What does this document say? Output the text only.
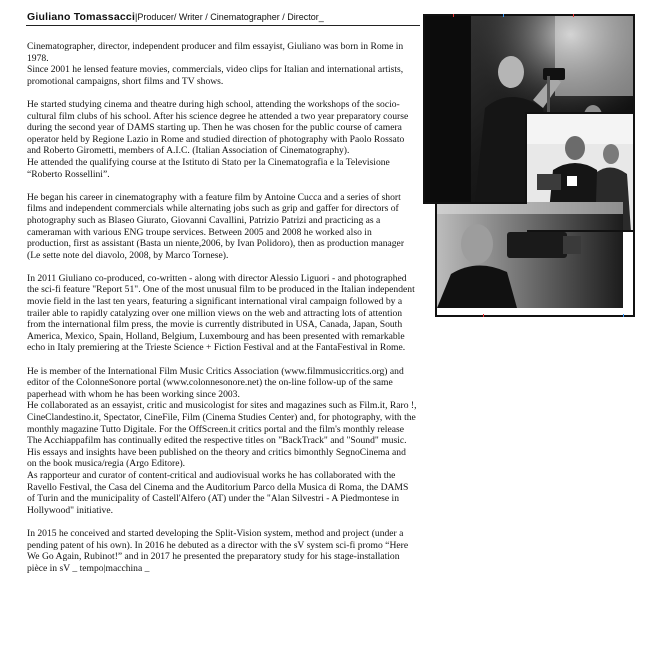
Giuliano Tomassacci |Producer/ Writer / Cinematographer / Director_

Cinematographer, director, independent producer and film essayist, Giuliano was born in Rome in 1978.
Since 2001 he lensed feature movies, commercials, video clips for Italian and international artists, promotional campaigns, short films and TV shows.

He started studying cinema and theatre during high school, attending the workshops of the socio-cultural film clubs of his school. After his science degree he attended a two year preparatory course during the second year of DAMS starting up. Then he was chosen for the public course of camera operator held by Regione Lazio in Rome and studied direction of photography with Paolo Rossato and Roberto Girometti, members of A.I.C. (Italian Association of Cinematography).
He attended the qualifying course at the Istituto di Stato per la Cinematografia e la Televisione “Roberto Rossellini”.

He began his career in cinematography with a feature film by Antoine Cucca and a series of short films and independent commercials while alternating jobs such as grip and gaffer for directors of photography such as Blaseo Giurato, Giovanni Cavallini, Patrizio Patrizi and practicing as a cameraman with various ENG troupe services. Between 2005 and 2008 he worked also in production, first as assistant (Basta un niente,2006, by Ivan Polidoro), then as production manager (Le sette note del diavolo, 2008, by Marco Tornese).

In 2011 Giuliano co-produced, co-written - along with director Alessio Liguori - and photographed the sci-fi feature "Report 51". One of the most unusual film to be produced in the Italian independent movie field in the last ten years, featuring a significant international viral campaign followed by a trailer able to rapidly catalyzing over one million views on the web and attracting lots of attention from the international film press, the movie is currently distributed in USA, Canada, Japan, South America, Mexico, Spain, Holland, Belgium, Luxembourg and has been presented with remarkable echo in Italy premiering at the Trieste Science + Fiction Festival and at the FantaFestival in Rome.

He is member of the International Film Music Critics Association (www.filmmusiccritics.org) and editor of the ColonneSonore portal (www.colonnesonore.net) the on-line follow-up of the same paperhead with whom he has been working since 2003.
He collaborated as an essayist, critic and musicologist for sites and magazines such as Film.it, Raro !, CineClandestino.it, Spectator, CineFile, Film (Cinema Studies Center) and, for photography, with the monthly magazine Tutto Digitale. For the OffScreen.it critics portal and the film's monthly release The Acchiappafilm has continually edited the respective titles on "BackTrack" and "Sound" music.
His essays and insights have been published on the theory and critics bimonthly SegnoCinema and on the book musica/regia (Argo Editore).
As rapporteur and curator of content-critical and audiovisual works he has collaborated with the Ravello Festival, the Casa del Cinema and the Auditorium Parco della Musica di Roma, the DAMS of Turin and the municipality of Castell'Alfero (AT) under the "Alan Silvestri - A Piedmontese in Hollywood" initiative.

In 2015 he conceived and started developing the Split-Vision system, method and project (under a pending patent of his own). In 2016 he debuted as a director with the sV system sci-fi promo “Here We Go Again, Rubinot!” and in 2017 he presented the preparatory study for his stage-installation pièce in sV _ tempo|macchina _
